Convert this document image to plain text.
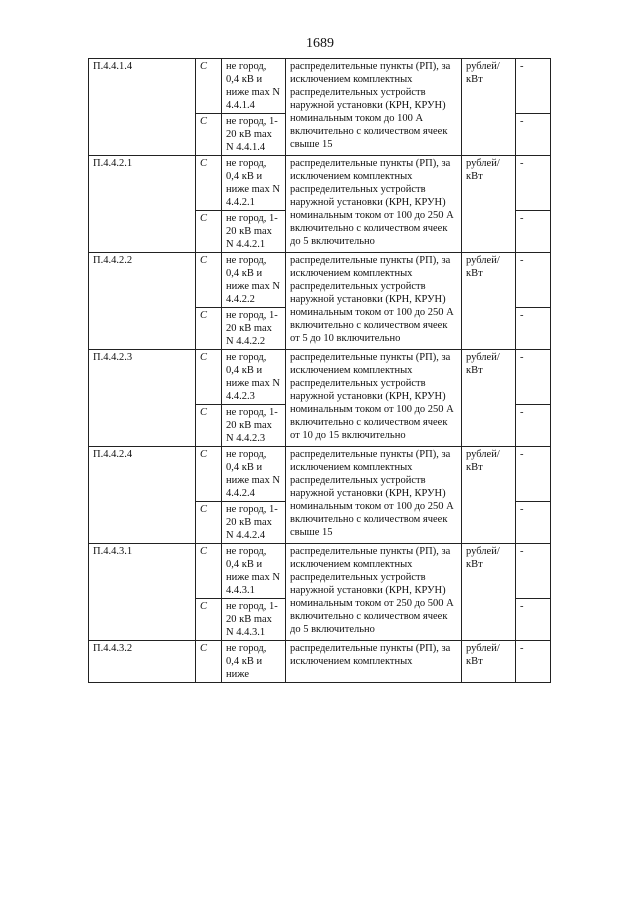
1689
П.4.4.1.4	С	не город, 0,4 кВ и ниже max N 4.4.1.4	распределительные пункты (РП), за исключением комплектных распределительных устройств наружной установки (КРН, КРУН) номинальным током до 100 А включительно с количеством ячеек свыше 15	рублей/ кВт	-
	С	не город, 1-20 кВ max N 4.4.1.4			-
П.4.4.2.1	С	не город, 0,4 кВ и ниже max N 4.4.2.1	распределительные пункты (РП), за исключением комплектных распределительных устройств наружной установки (КРН, КРУН) номинальным током от 100 до 250 А включительно с количеством ячеек до 5 включительно	рублей/ кВт	-
	С	не город, 1-20 кВ max N 4.4.2.1			-
П.4.4.2.2	С	не город, 0,4 кВ и ниже max N 4.4.2.2	распределительные пункты (РП), за исключением комплектных распределительных устройств наружной установки (КРН, КРУН) номинальным током от 100 до 250 А включительно с количеством ячеек от 5 до 10 включительно	рублей/ кВт	-
	С	не город, 1-20 кВ max N 4.4.2.2			-
П.4.4.2.3	С	не город, 0,4 кВ и ниже max N 4.4.2.3	распределительные пункты (РП), за исключением комплектных распределительных устройств наружной установки (КРН, КРУН) номинальным током от 100 до 250 А включительно с количеством ячеек от 10 до 15 включительно	рублей/ кВт	-
	С	не город, 1-20 кВ max N 4.4.2.3			-
П.4.4.2.4	С	не город, 0,4 кВ и ниже max N 4.4.2.4	распределительные пункты (РП), за исключением комплектных распределительных устройств наружной установки (КРН, КРУН) номинальным током от 100 до 250 А включительно с количеством ячеек свыше 15	рублей/ кВт	-
	С	не город, 1-20 кВ max N 4.4.2.4			-
П.4.4.3.1	С	не город, 0,4 кВ и ниже max N 4.4.3.1	распределительные пункты (РП), за исключением комплектных распределительных устройств наружной установки (КРН, КРУН) номинальным током от 250 до 500 А включительно с количеством ячеек до 5 включительно	рублей/ кВт	-
	С	не город, 1-20 кВ max N 4.4.3.1			-
П.4.4.3.2	С	не город, 0,4 кВ и ниже	распределительные пункты (РП), за исключением комплектных	рублей/ кВт	-
